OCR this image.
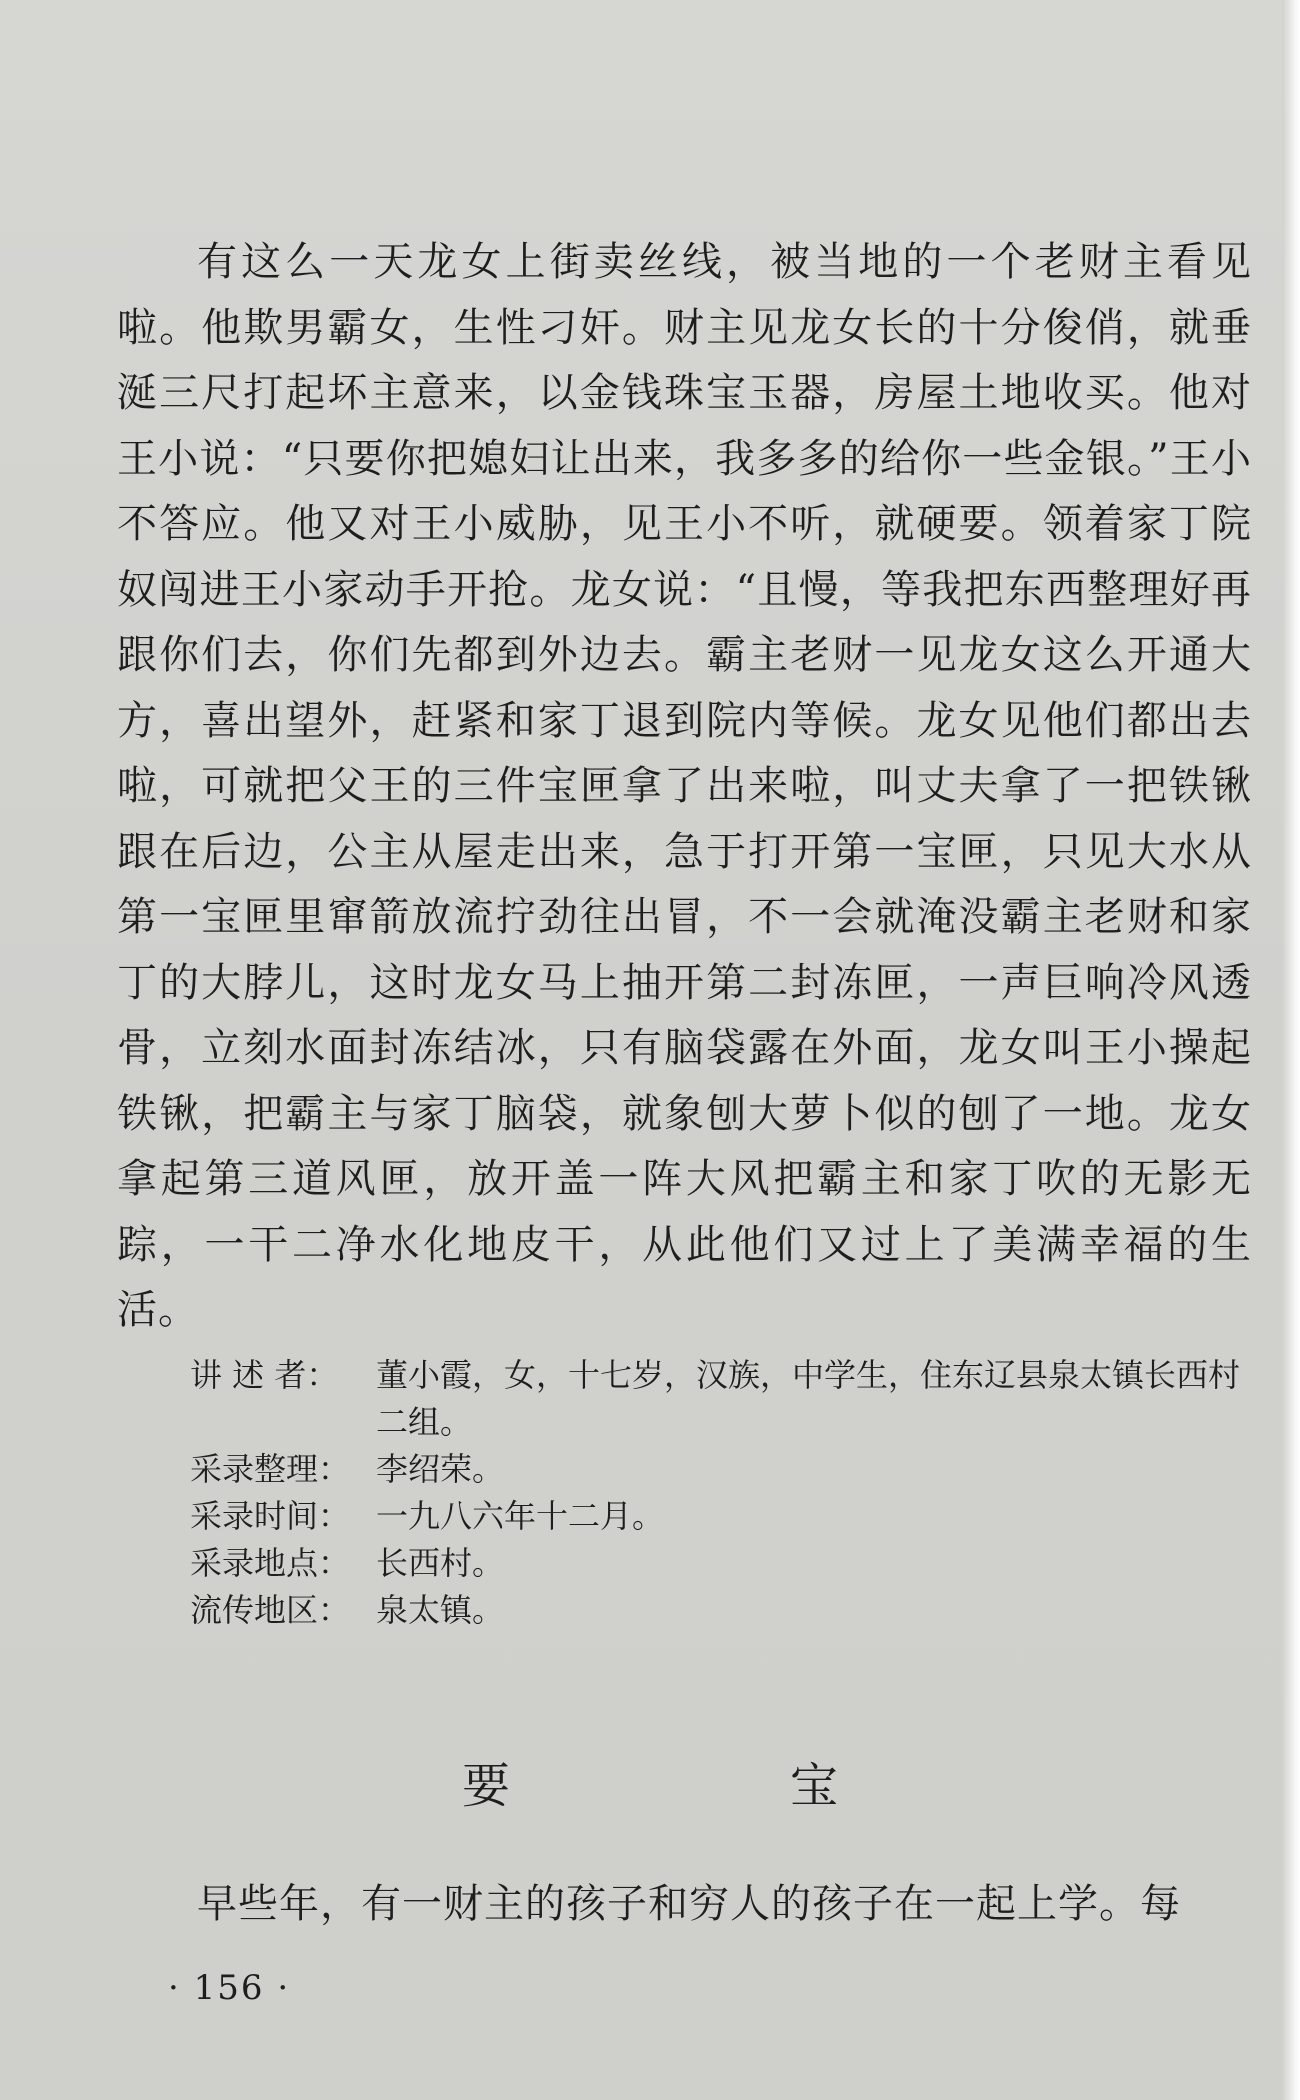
有这么一天龙女上街卖丝线，被当地的一个老财主看见啦。他欺男霸女，生性刁奸。财主见龙女长的十分俊俏，就垂涎三尺打起坏主意来，以金钱珠宝玉器，房屋土地收买。他对王小说：“只要你把媳妇让出来，我多多的给你一些金银。”王小不答应。他又对王小威胁，见王小不听，就硬要。领着家丁院奴闯进王小家动手开抢。龙女说：“且慢，等我把东西整理好再跟你们去，你们先都到外边去。霸主老财一见龙女这么开通大方，喜出望外，赶紧和家丁退到院内等候。龙女见他们都出去啦，可就把父王的三件宝匣拿了出来啦，叫丈夫拿了一把铁锹跟在后边，公主从屋走出来，急于打开第一宝匣，只见大水从第一宝匣里窜箭放流拧劲往出冒，不一会就淹没霸主老财和家丁的大脖儿，这时龙女马上抽开第二封冻匣，一声巨响冷风透骨，立刻水面封冻结冰，只有脑袋露在外面，龙女叫王小操起铁锹，把霸主与家丁脑袋，就象刨大萝卜似的刨了一地。龙女拿起第三道风匣，放开盖一阵大风把霸主和家丁吹的无影无踪，一干二净水化地皮干，从此他们又过上了美满幸福的生活。

讲 述 者：	董小霞，女，十七岁，汉族，中学生，住东辽县泉太镇长西村二组。
采录整理： 李绍荣。
采录时间： 一九八六年十二月。
采录地点： 长西村。
流传地区： 泉太镇。
要宝

早些年，有一财主的孩子和穷人的孩子在一起上学。每

· 156 ·
